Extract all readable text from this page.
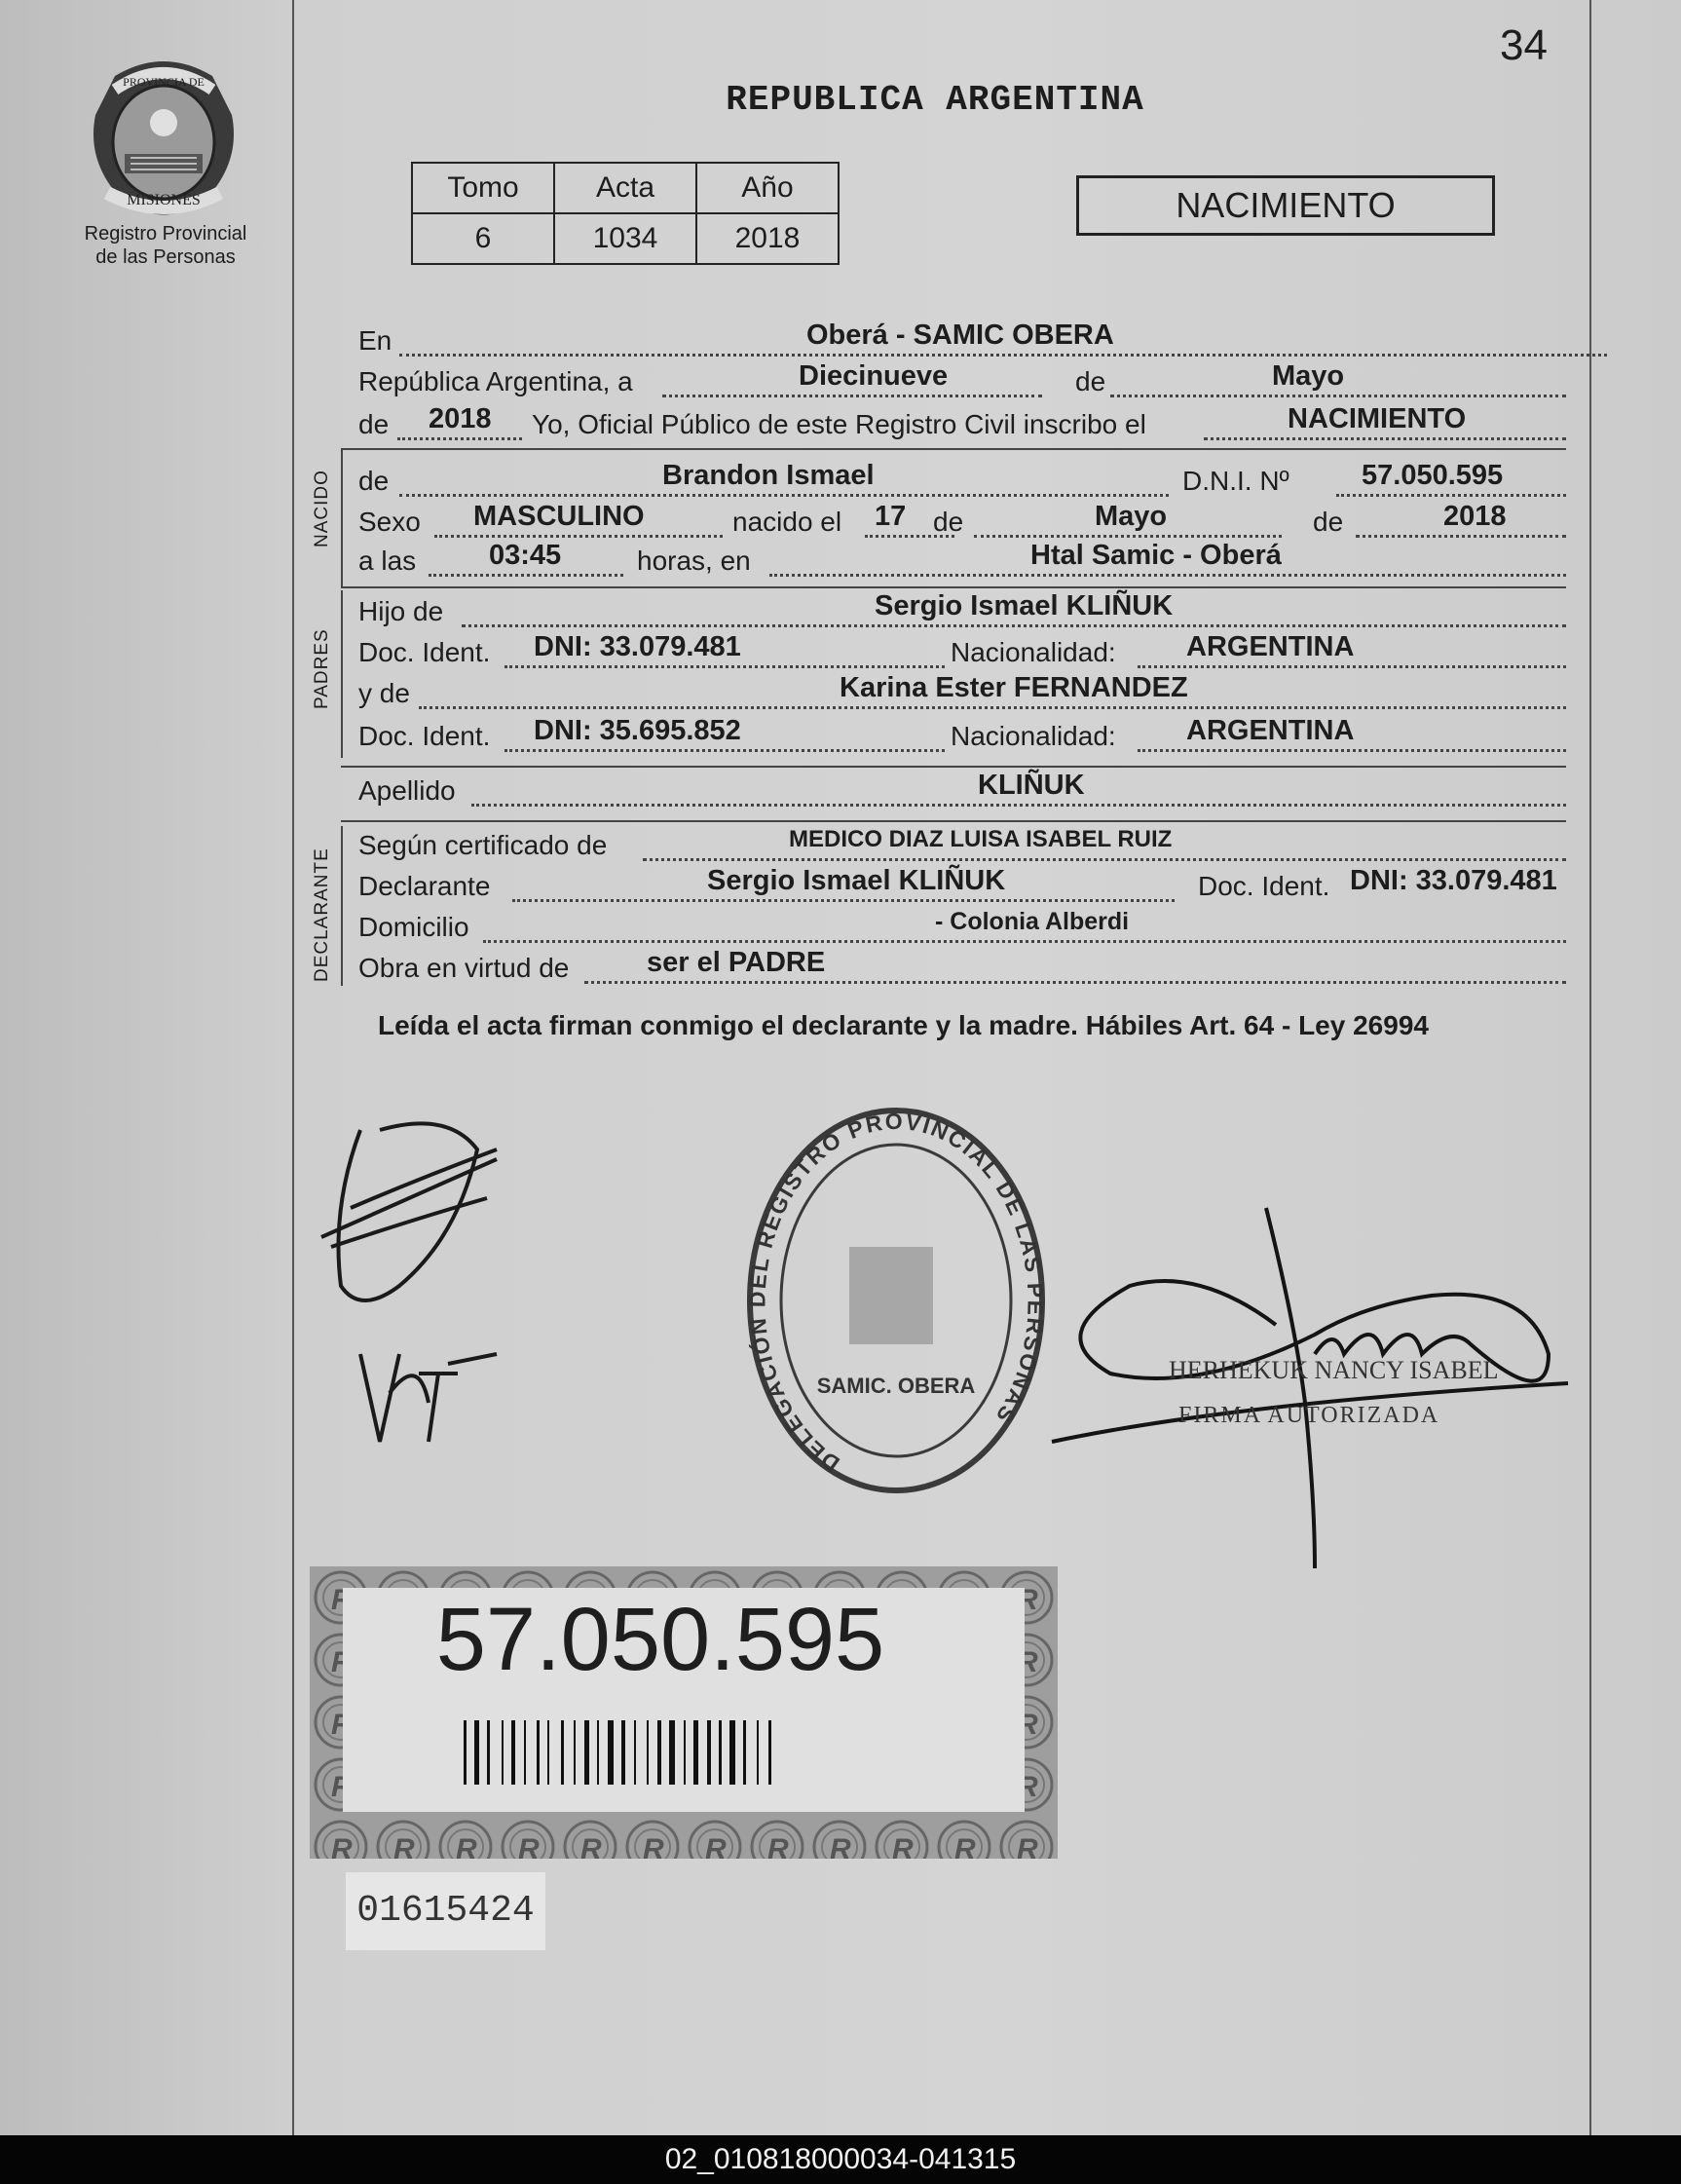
34
PROVINCIA DE
MISIONES
Registro Provincial
de las Personas
REPUBLICA ARGENTINA
Tomo	Acta	Año
6	1034	2018
NACIMIENTO
En	Oberá - SAMIC OBERA
República Argentina, a	Diecinueve	de	Mayo
de 2018 Yo, Oficial Público de este Registro Civil inscribo el	NACIMIENTO
NACIDO de	Brandon Ismael	D.N.I. Nº	57.050.595
Sexo MASCULINO	nacido el 17 de	Mayo	de	2018
a las	03:45	horas, en	Htal Samic - Oberá
PADRES
Hijo de	Sergio Ismael KLIÑUK
Doc. Ident. DNI: 33.079.481	Nacionalidad: ARGENTINA
y de	Karina Ester FERNANDEZ
Doc. Ident. DNI: 35.695.852	Nacionalidad: ARGENTINA
Apellido	KLIÑUK
DECLARANTE
Según certificado de	MEDICO DIAZ LUISA ISABEL RUIZ
Declarante	Sergio Ismael KLIÑUK	Doc. Ident. DNI: 33.079.481
Domicilio	- Colonia Alberdi
Obra en virtud de	ser el PADRE
Leída el acta firman conmigo el declarante y la madre. Hábiles Art. 64 - Ley 26994
DELEGACIÓN DEL REGISTRO PROVINCIAL DE LAS PERSONAS
SAMIC. OBERA
HERHEKUK NANCY ISABEL
FIRMA AUTORIZADA
57.050.595
01615424
02_010818000034-041315
